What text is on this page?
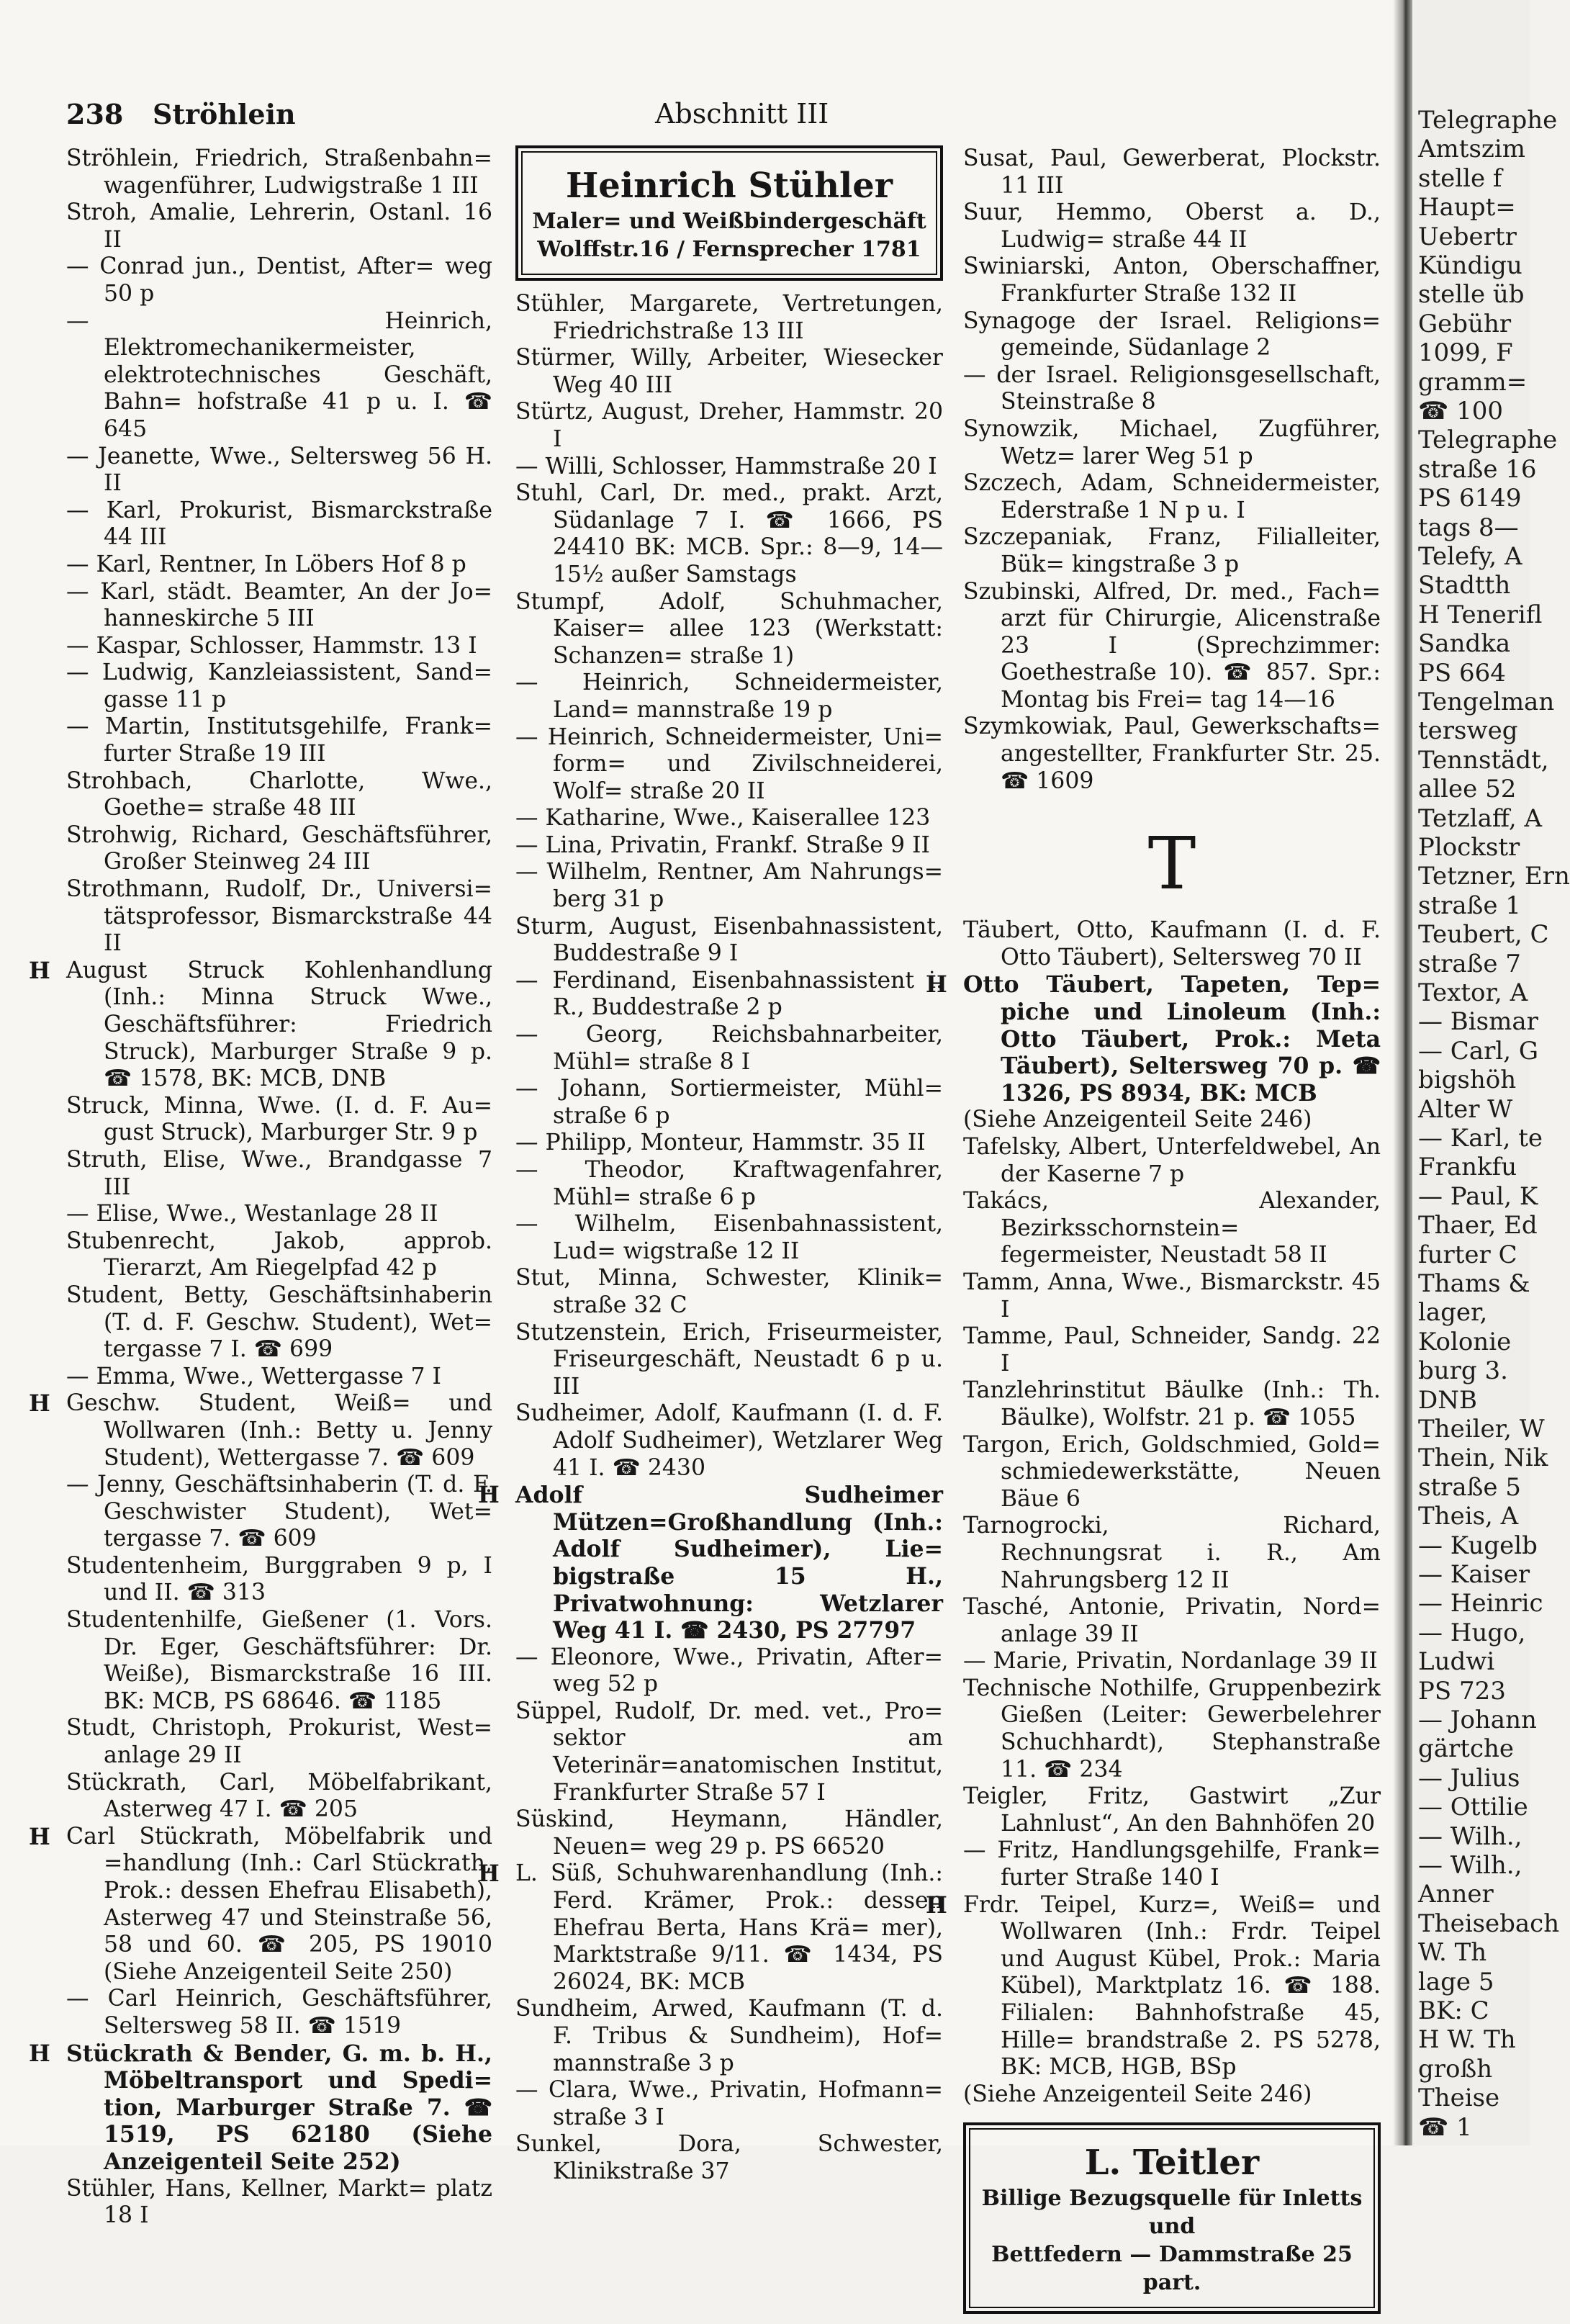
238 Ströhlein	Abschnitt III
Ströhlein, Friedrich, Straßenbahn= wagenführer, Ludwigstraße 1 III
Stroh, Amalie, Lehrerin, Ostanl. 16 II
— Conrad jun., Dentist, After= weg 50 p
— Heinrich, Elektromechanikermeister, elektrotechnisches Geschäft, Bahn= hofstraße 41 p u. I. ☎ 645
— Jeanette, Wwe., Seltersweg 56 H. II
— Karl, Prokurist, Bismarckstraße 44 III
— Karl, Rentner, In Löbers Hof 8 p
— Karl, städt. Beamter, An der Jo= hanneskirche 5 III
— Kaspar, Schlosser, Hammstr. 13 I
— Ludwig, Kanzleiassistent, Sand= gasse 11 p
— Martin, Institutsgehilfe, Frank= furter Straße 19 III
Strohbach, Charlotte, Wwe., Goethe= straße 48 III
Strohwig, Richard, Geschäftsführer, Großer Steinweg 24 III
Strothmann, Rudolf, Dr., Universi= tätsprofessor, Bismarckstraße 44 II
H August Struck Kohlenhandlung (Inh.: Minna Struck Wwe., Geschäftsführer: Friedrich Struck), Marburger Straße 9 p. ☎ 1578, BK: MCB, DNB
Struck, Minna, Wwe. (I. d. F. Au= gust Struck), Marburger Str. 9 p
Struth, Elise, Wwe., Brandgasse 7 III
— Elise, Wwe., Westanlage 28 II
Stubenrecht, Jakob, approb. Tierarzt, Am Riegelpfad 42 p
Student, Betty, Geschäftsinhaberin (T. d. F. Geschw. Student), Wet= tergasse 7 I. ☎ 699
— Emma, Wwe., Wettergasse 7 I
H Geschw. Student, Weiß= und Wollwaren (Inh.: Betty u. Jenny Student), Wettergasse 7. ☎ 609
— Jenny, Geschäftsinhaberin (T. d. F. Geschwister Student), Wet= tergasse 7. ☎ 609
Studentenheim, Burggraben 9 p, I und II. ☎ 313
Studentenhilfe, Gießener (1. Vors. Dr. Eger, Geschäftsführer: Dr. Weiße), Bismarckstraße 16 III. BK: MCB, PS 68646. ☎ 1185
Studt, Christoph, Prokurist, West= anlage 29 II
Stückrath, Carl, Möbelfabrikant, Asterweg 47 I. ☎ 205
H Carl Stückrath, Möbelfabrik und =handlung (Inh.: Carl Stückrath, Prok.: dessen Ehefrau Elisabeth), Asterweg 47 und Steinstraße 56, 58 und 60. ☎ 205, PS 19010 (Siehe Anzeigenteil Seite 250)
— Carl Heinrich, Geschäftsführer, Seltersweg 58 II. ☎ 1519
H Stückrath & Bender, G. m. b. H., Möbeltransport und Spedi= tion, Marburger Straße 7. ☎ 1519, PS 62180 (Siehe Anzeigenteil Seite 252)
Stühler, Hans, Kellner, Markt= platz 18 I
Heinrich Stühler
Maler= und Weißbindergeschäft
Wolffstr.16 / Fernsprecher 1781
Stühler, Margarete, Vertretungen, Friedrichstraße 13 III
Stürmer, Willy, Arbeiter, Wiesecker Weg 40 III
Stürtz, August, Dreher, Hammstr. 20 I
— Willi, Schlosser, Hammstraße 20 I
Stuhl, Carl, Dr. med., prakt. Arzt, Südanlage 7 I. ☎ 1666, PS 24410 BK: MCB. Spr.: 8—9, 14—15½ außer Samstags
Stumpf, Adolf, Schuhmacher, Kaiser= allee 123 (Werkstatt: Schanzen= straße 1)
— Heinrich, Schneidermeister, Land= mannstraße 19 p
— Heinrich, Schneidermeister, Uni= form= und Zivilschneiderei, Wolf= straße 20 II
— Katharine, Wwe., Kaiserallee 123
— Lina, Privatin, Frankf. Straße 9 II
— Wilhelm, Rentner, Am Nahrungs= berg 31 p
Sturm, August, Eisenbahnassistent, Buddestraße 9 I
— Ferdinand, Eisenbahnassistent i. R., Buddestraße 2 p
— Georg, Reichsbahnarbeiter, Mühl= straße 8 I
— Johann, Sortiermeister, Mühl= straße 6 p
— Philipp, Monteur, Hammstr. 35 II
— Theodor, Kraftwagenfahrer, Mühl= straße 6 p
— Wilhelm, Eisenbahnassistent, Lud= wigstraße 12 II
Stut, Minna, Schwester, Klinik= straße 32 C
Stutzenstein, Erich, Friseurmeister, Friseurgeschäft, Neustadt 6 p u. III
Sudheimer, Adolf, Kaufmann (I. d. F. Adolf Sudheimer), Wetzlarer Weg 41 I. ☎ 2430
H Adolf Sudheimer Mützen=Großhandlung (Inh.: Adolf Sudheimer), Lie= bigstraße 15 H., Privatwohnung: Wetzlarer Weg 41 I. ☎ 2430, PS 27797
— Eleonore, Wwe., Privatin, After= weg 52 p
Süppel, Rudolf, Dr. med. vet., Pro= sektor am Veterinär=anatomischen Institut, Frankfurter Straße 57 I
Süskind, Heymann, Händler, Neuen= weg 29 p. PS 66520
H L. Süß, Schuhwarenhandlung (Inh.: Ferd. Krämer, Prok.: dessen Ehefrau Berta, Hans Krä= mer), Marktstraße 9/11. ☎ 1434, PS 26024, BK: MCB
Sundheim, Arwed, Kaufmann (T. d. F. Tribus & Sundheim), Hof= mannstraße 3 p
— Clara, Wwe., Privatin, Hofmann= straße 3 I
Sunkel, Dora, Schwester, Klinikstraße 37
Susat, Paul, Gewerberat, Plockstr. 11 III
Suur, Hemmo, Oberst a. D., Ludwig= straße 44 II
Swiniarski, Anton, Oberschaffner, Frankfurter Straße 132 II
Synagoge der Israel. Religions= gemeinde, Südanlage 2
— der Israel. Religionsgesellschaft, Steinstraße 8
Synowzik, Michael, Zugführer, Wetz= larer Weg 51 p
Szczech, Adam, Schneidermeister, Ederstraße 1 N p u. I
Szczepaniak, Franz, Filialleiter, Bük= kingstraße 3 p
Szubinski, Alfred, Dr. med., Fach= arzt für Chirurgie, Alicenstraße 23 I (Sprechzimmer: Goethestraße 10). ☎ 857. Spr.: Montag bis Frei= tag 14—16
Szymkowiak, Paul, Gewerkschafts= angestellter, Frankfurter Str. 25. ☎ 1609
T
Täubert, Otto, Kaufmann (I. d. F. Otto Täubert), Seltersweg 70 II
H Otto Täubert, Tapeten, Tep= piche und Linoleum (Inh.: Otto Täubert, Prok.: Meta Täubert), Seltersweg 70 p. ☎ 1326, PS 8934, BK: MCB
(Siehe Anzeigenteil Seite 246)
Tafelsky, Albert, Unterfeldwebel, An der Kaserne 7 p
Takács, Alexander, Bezirksschornstein= fegermeister, Neustadt 58 II
Tamm, Anna, Wwe., Bismarckstr. 45 I
Tamme, Paul, Schneider, Sandg. 22 I
Tanzlehrinstitut Bäulke (Inh.: Th. Bäulke), Wolfstr. 21 p. ☎ 1055
Targon, Erich, Goldschmied, Gold= schmiedewerkstätte, Neuen Bäue 6
Tarnogrocki, Richard, Rechnungsrat i. R., Am Nahrungsberg 12 II
Tasché, Antonie, Privatin, Nord= anlage 39 II
— Marie, Privatin, Nordanlage 39 II
Technische Nothilfe, Gruppenbezirk Gießen (Leiter: Gewerbelehrer Schuchhardt), Stephanstraße 11. ☎ 234
Teigler, Fritz, Gastwirt „Zur Lahnlust“, An den Bahnhöfen 20
— Fritz, Handlungsgehilfe, Frank= furter Straße 140 I
H Frdr. Teipel, Kurz=, Weiß= und Wollwaren (Inh.: Frdr. Teipel und August Kübel, Prok.: Maria Kübel), Marktplatz 16. ☎ 188. Filialen: Bahnhofstraße 45, Hille= brandstraße 2. PS 5278, BK: MCB, HGB, BSp
(Siehe Anzeigenteil Seite 246)
L. Teitler
Billige Bezugsquelle für Inletts und
Bettfedern — Dammstraße 25 part.
Telegraphe
Amtszim
stelle f
Haupt=
Uebertr
Kündigu
stelle üb
Gebühr
1099, F
gramm=
☎ 100
Telegraphe
straße 16
PS 6149
tags 8—
Telefy, A
Stadtth
H Tenerifl
Sandka
PS 664
Tengelman
tersweg
Tennstädt,
allee 52
Tetzlaff, A
Plockstr
Tetzner, Ern
straße 1
Teubert, C
straße 7
Textor, A
— Bismar
— Carl, G
bigshöh
Alter W
— Karl, te
Frankfu
— Paul, K
Thaer, Ed
furter C
Thams &
lager,
Kolonie
burg 3.
DNB
Theiler, W
Thein, Nik
straße 5
Theis, A
— Kugelb
— Kaiser
— Heinric
— Hugo,
Ludwi
PS 723
— Johann
gärtche
— Julius
— Ottilie
— Wilh.,
— Wilh.,
Anner
Theisebach
W. Th
lage 5
BK: C
H W. Th
großh
Theise
☎ 1
